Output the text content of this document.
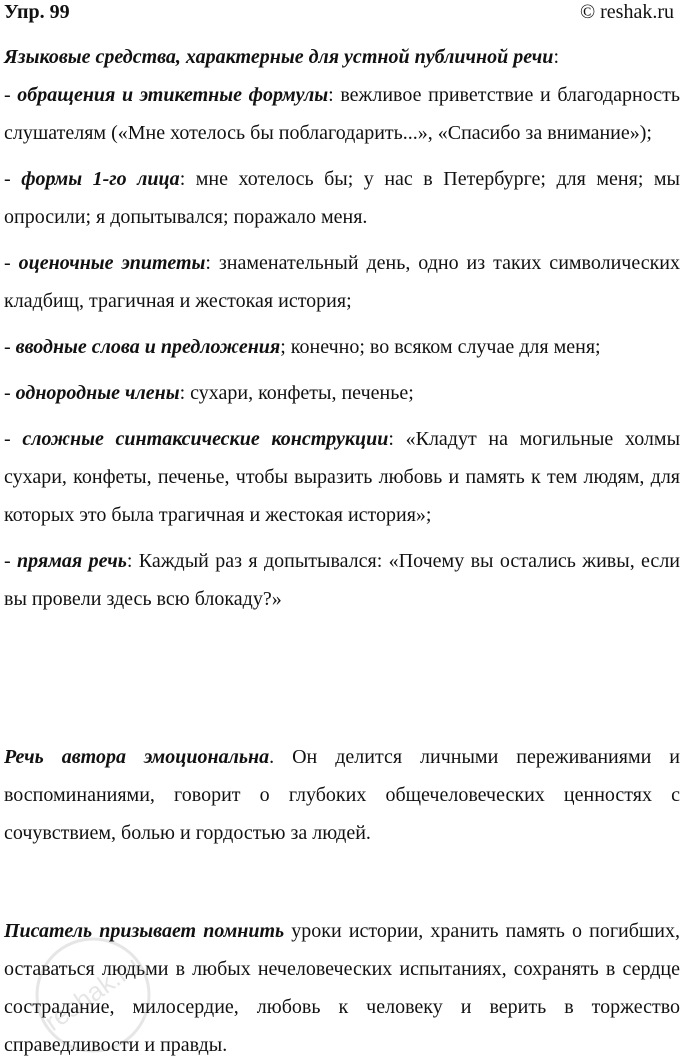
Упр. 99	© reshak.ru
Языковые средства, характерные для устной публичной речи:

- обращения и этикетные формулы: вежливое приветствие и благодарность слушателям («Мне хотелось бы поблагодарить...», «Спасибо за внимание»);

- формы 1-го лица: мне хотелось бы; у нас в Петербурге; для меня; мы опросили; я допытывался; поражало меня.

- оценочные эпитеты: знаменательный день, одно из таких символических кладбищ, трагичная и жестокая история;

- вводные слова и предложения; конечно; во всяком случае для меня;

- однородные члены: сухари, конфеты, печенье;

- сложные синтаксические конструкции: «Кладут на могильные холмы сухари, конфеты, печенье, чтобы выразить любовь и память к тем людям, для которых это была трагичная и жестокая история»;

- прямая речь: Каждый раз я допытывался: «Почему вы остались живы, если вы провели здесь всю блокаду?»

Речь автора эмоциональна. Он делится личными переживаниями и воспоминаниями, говорит о глубоких общечеловеческих ценностях с сочувствием, болью и гордостью за людей.

Писатель призывает помнить уроки истории, хранить память о погибших, оставаться людьми в любых нечеловеческих испытаниях, сохранять в сердце сострадание, милосердие, любовь к человеку и верить в торжество справедливости и правды.

reshak.ru
